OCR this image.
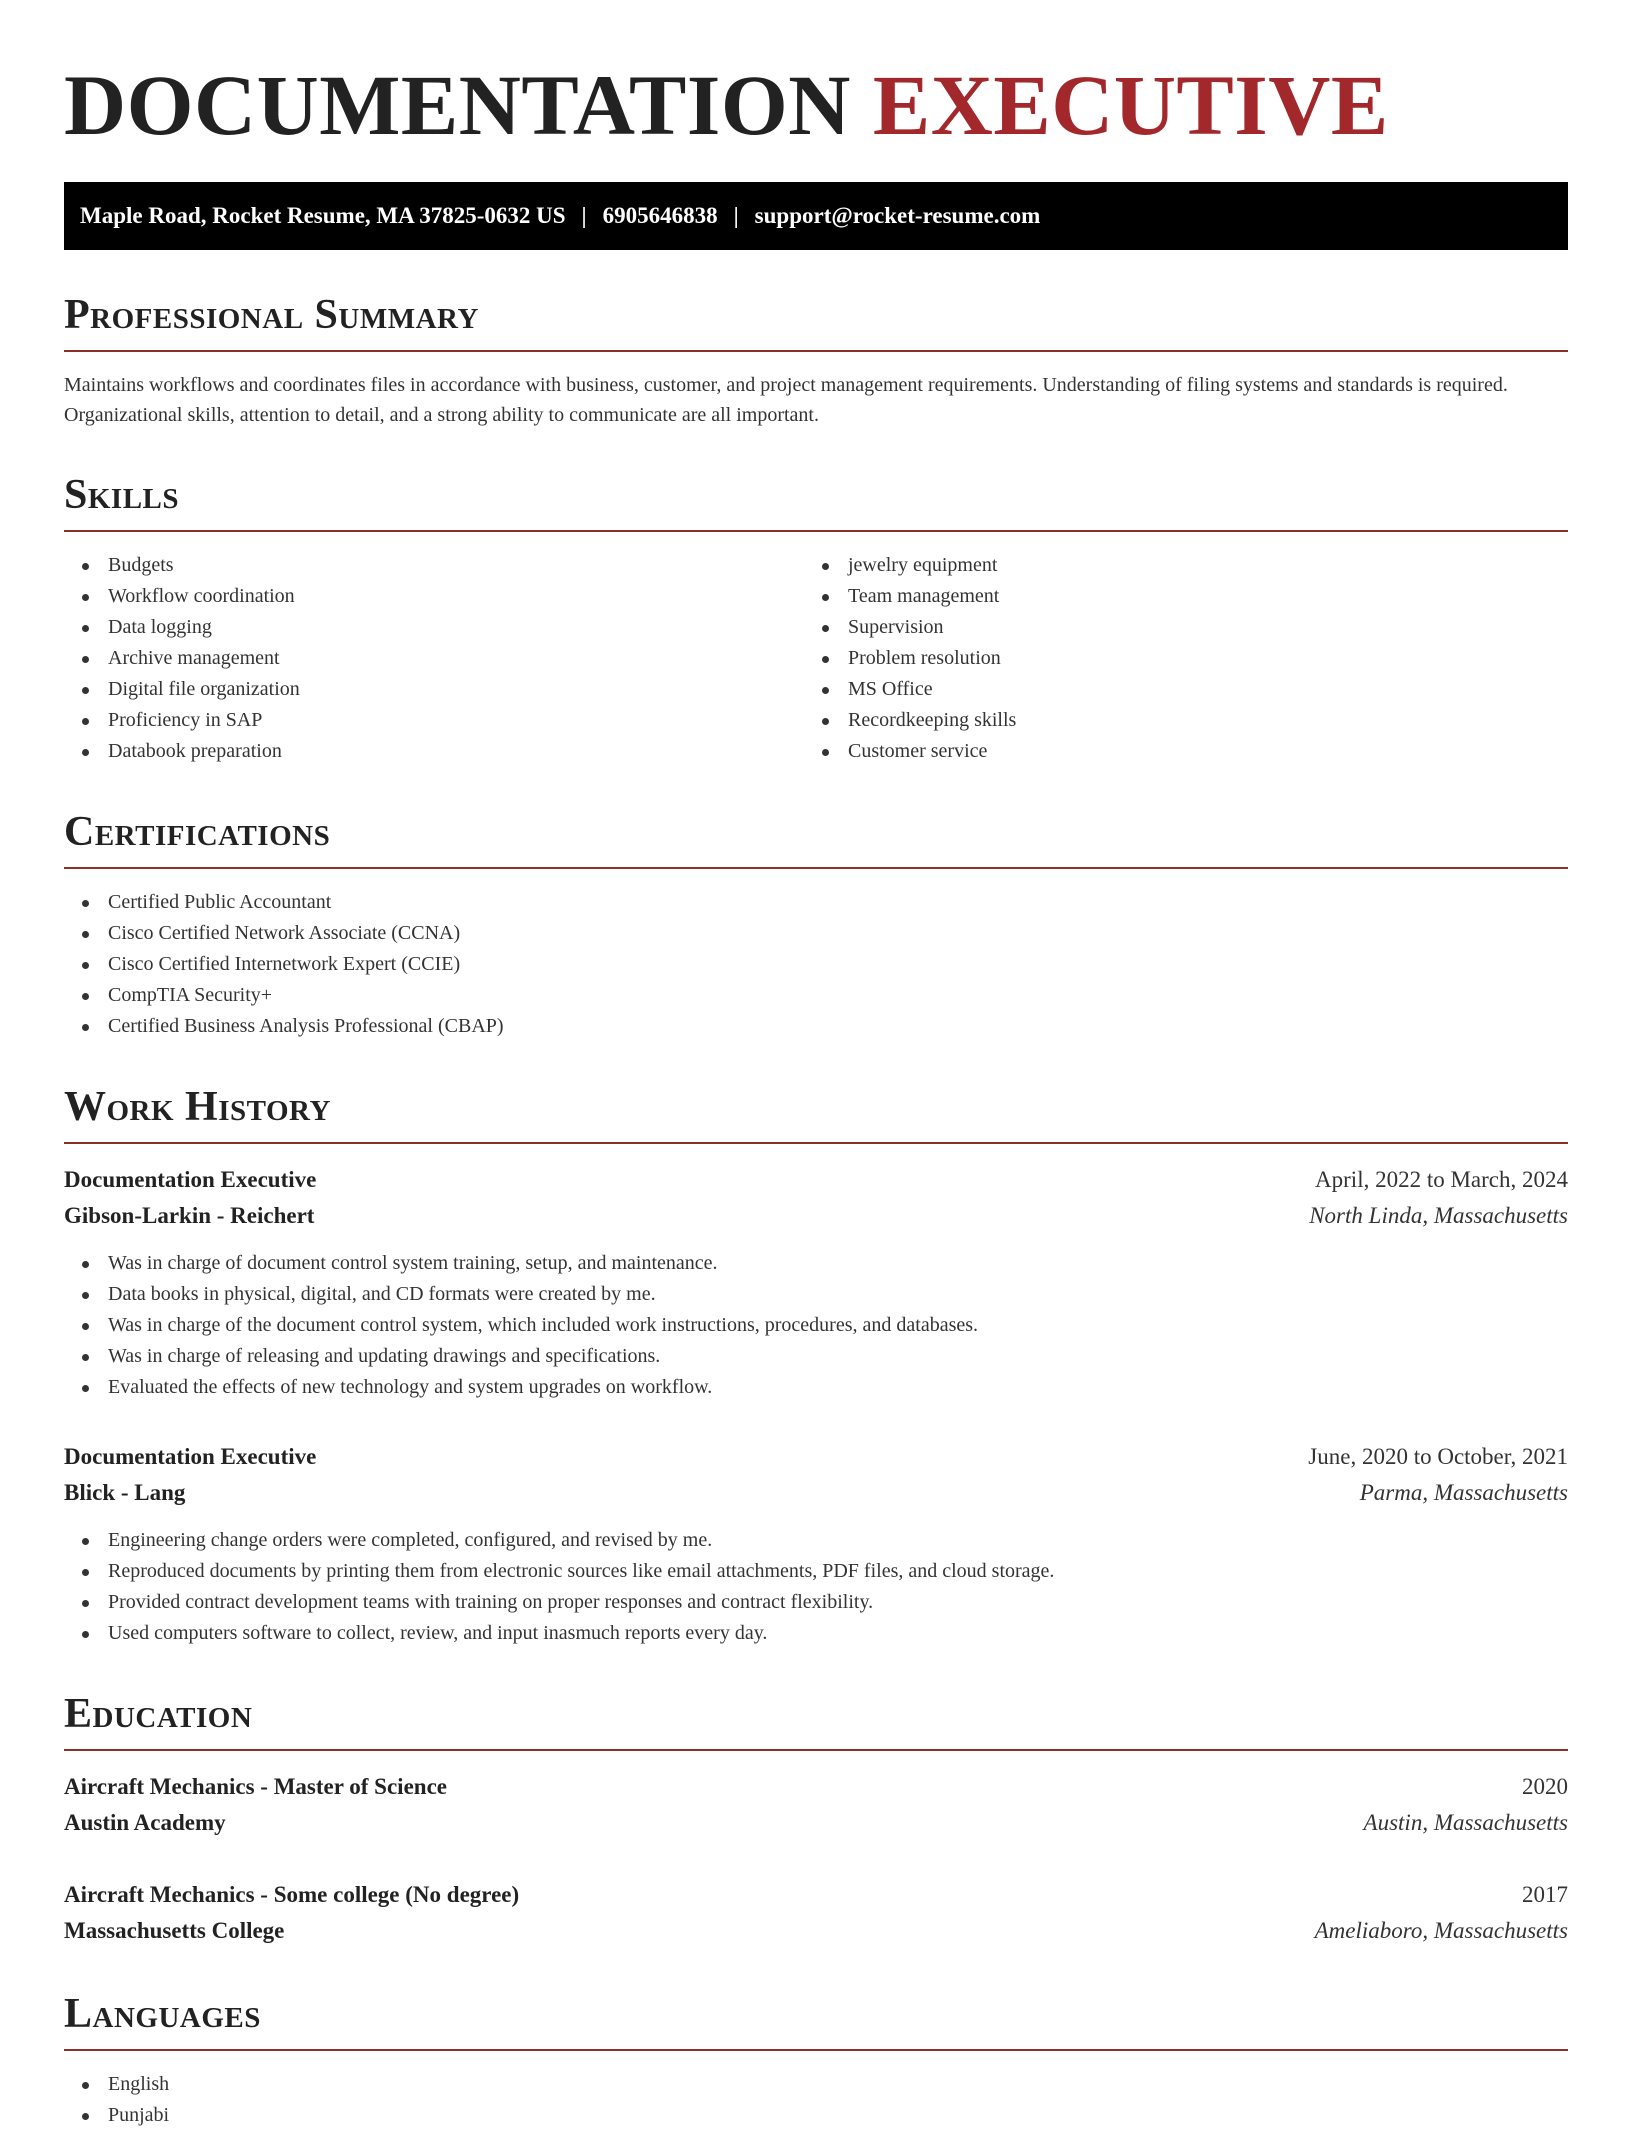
DOCUMENTATION EXECUTIVE
Maple Road, Rocket Resume, MA 37825-0632 US | 6905646838 | support@rocket-resume.com
Professional Summary
Maintains workflows and coordinates files in accordance with business, customer, and project management requirements. Understanding of filing systems and standards is required. Organizational skills, attention to detail, and a strong ability to communicate are all important.
Skills
Budgets
Workflow coordination
Data logging
Archive management
Digital file organization
Proficiency in SAP
Databook preparation
jewelry equipment
Team management
Supervision
Problem resolution
MS Office
Recordkeeping skills
Customer service
Certifications
Certified Public Accountant
Cisco Certified Network Associate (CCNA)
Cisco Certified Internetwork Expert (CCIE)
CompTIA Security+
Certified Business Analysis Professional (CBAP)
Work History
Documentation Executive	April, 2022 to March, 2024
Gibson-Larkin - Reichert	North Linda, Massachusetts
Was in charge of document control system training, setup, and maintenance.
Data books in physical, digital, and CD formats were created by me.
Was in charge of the document control system, which included work instructions, procedures, and databases.
Was in charge of releasing and updating drawings and specifications.
Evaluated the effects of new technology and system upgrades on workflow.
Documentation Executive	June, 2020 to October, 2021
Blick - Lang	Parma, Massachusetts
Engineering change orders were completed, configured, and revised by me.
Reproduced documents by printing them from electronic sources like email attachments, PDF files, and cloud storage.
Provided contract development teams with training on proper responses and contract flexibility.
Used computers software to collect, review, and input inasmuch reports every day.
Education
Aircraft Mechanics - Master of Science	2020
Austin Academy	Austin, Massachusetts
Aircraft Mechanics - Some college (No degree)	2017
Massachusetts College	Ameliaboro, Massachusetts
Languages
English
Punjabi
